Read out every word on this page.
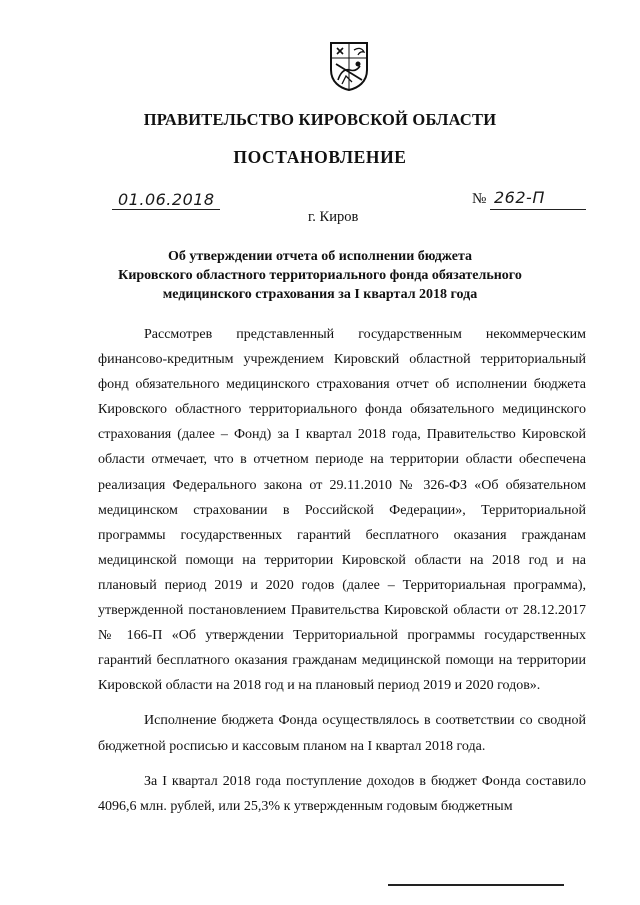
ПРАВИТЕЛЬСТВО КИРОВСКОЙ ОБЛАСТИ
ПОСТАНОВЛЕНИЕ
01.06.2018	№ 262-П
г. Киров
Об утверждении отчета об исполнении бюджета
Кировского областного территориального фонда обязательного
медицинского страхования за I квартал 2018 года

Рассмотрев представленный государственным некоммерческим финансово-кредитным учреждением Кировский областной территориальный фонд обязательного медицинского страхования отчет об исполнении бюджета Кировского областного территориального фонда обязательного медицинского страхования (далее – Фонд) за I квартал 2018 года, Правительство Кировской области отмечает, что в отчетном периоде на территории области обеспечена реализация Федерального закона от 29.11.2010 № 326-ФЗ «Об обязательном медицинском страховании в Российской Федерации», Территориальной программы государственных гарантий бесплатного оказания гражданам медицинской помощи на территории Кировской области на 2018 год и на плановый период 2019 и 2020 годов (далее – Территориальная программа), утвержденной постановлением Правительства Кировской области от 28.12.2017 № 166-П «Об утверждении Территориальной программы государственных гарантий бесплатного оказания гражданам медицинской помощи на территории Кировской области на 2018 год и на плановый период 2019 и 2020 годов».

Исполнение бюджета Фонда осуществлялось в соответствии со сводной бюджетной росписью и кассовым планом на I квартал 2018 года.

За I квартал 2018 года поступление доходов в бюджет Фонда составило 4096,6 млн. рублей, или 25,3% к утвержденным годовым бюджетным
